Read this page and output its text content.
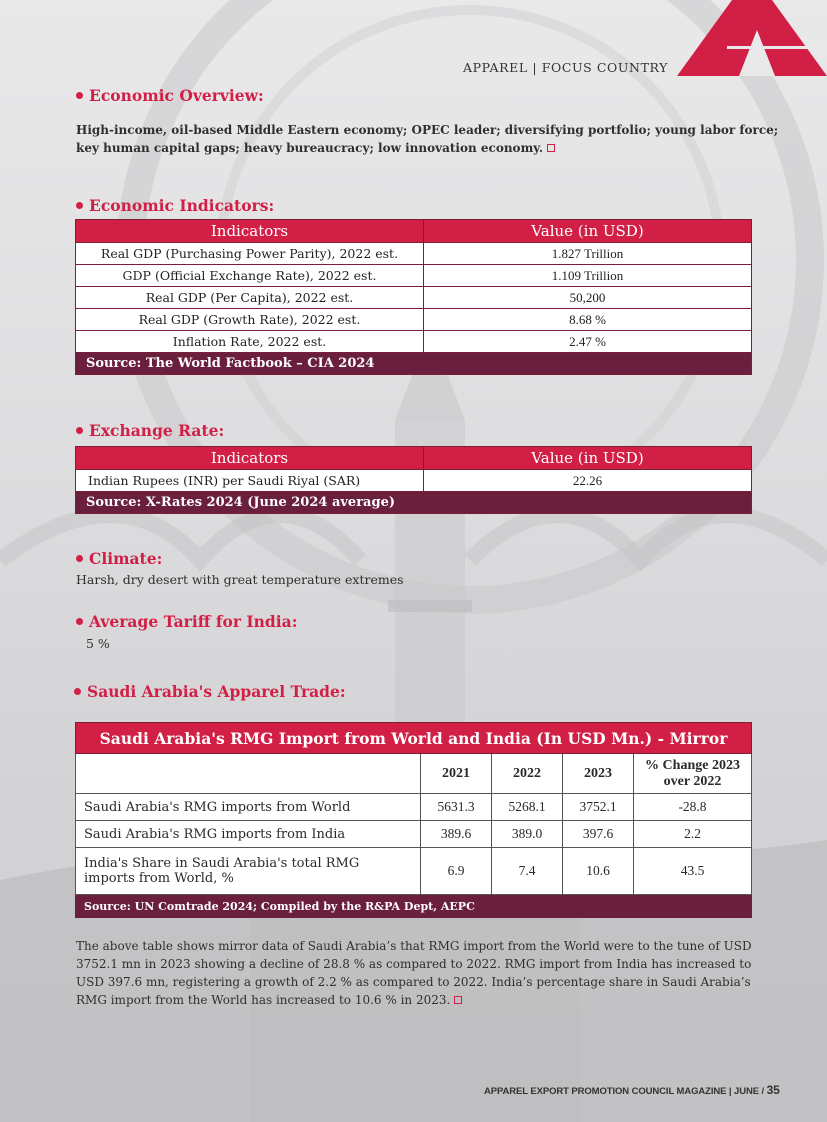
APPAREL | FOCUS COUNTRY
Economic Overview:
High-income, oil-based Middle Eastern economy; OPEC leader; diversifying portfolio; young labor force;
key human capital gaps; heavy bureaucracy; low innovation economy.
Economic Indicators:
Indicators	Value (in USD)
Real GDP (Purchasing Power Parity), 2022 est.	1.827 Trillion
GDP (Official Exchange Rate), 2022 est.	1.109 Trillion
Real GDP (Per Capita), 2022 est.	50,200
Real GDP (Growth Rate), 2022 est.	8.68 %
Inflation Rate, 2022 est.	2.47 %
Source: The World Factbook – CIA 2024	
Exchange Rate:
Indicators	Value (in USD)
Indian Rupees (INR) per Saudi Riyal (SAR)	22.26
Source: X-Rates 2024 (June 2024 average)	
Climate:
Harsh, dry desert with great temperature extremes
Average Tariff for India:
5 %
Saudi Arabia's Apparel Trade:
Saudi Arabia's RMG Import from World and India (In USD Mn.) - Mirror				
	2021	2022	2023	% Change 2023
over 2022

Saudi Arabia's RMG imports from World	5631.3	5268.1	3752.1	-28.8
Saudi Arabia's RMG imports from India	389.6	389.0	397.6	2.2

India's Share in Saudi Arabia's total RMG
imports from World, %	6.9	7.4	10.6	43.5
Source: UN Comtrade 2024; Compiled by the R&PA Dept, AEPC				
The above table shows mirror data of Saudi Arabia’s that RMG import from the World were to the tune of USD
3752.1 mn in 2023 showing a decline of 28.8 % as compared to 2022. RMG import from India has increased to
USD 397.6 mn, registering a growth of 2.2 % as compared to 2022. India’s percentage share in Saudi Arabia’s
RMG import from the World has increased to 10.6 % in 2023.
APPAREL EXPORT PROMOTION COUNCIL MAGAZINE | JUNE / 35
